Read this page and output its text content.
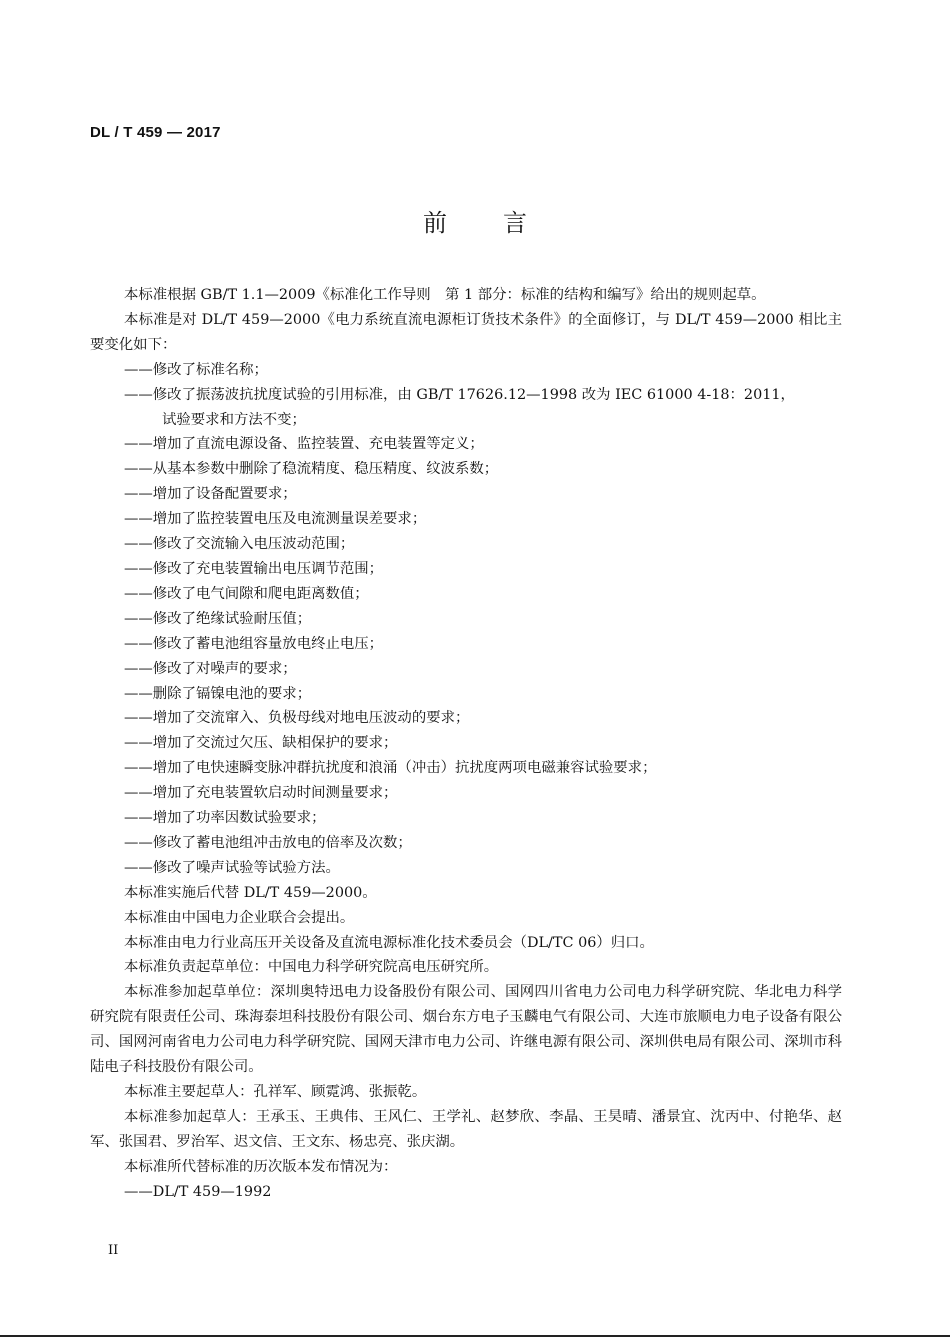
DL / T 459 — 2017
前言

本标准根据 GB/T 1.1—2009《标准化工作导则　第 1 部分：标准的结构和编写》给出的规则起草。

本标准是对 DL/T 459—2000《电力系统直流电源柜订货技术条件》的全面修订，与 DL/T 459—2000 相比主要变化如下：

——修改了标准名称；

——修改了振荡波抗扰度试验的引用标准，由 GB/T 17626.12—1998 改为 IEC 61000 4-18：2011，
试验要求和方法不变；

——增加了直流电源设备、监控装置、充电装置等定义；

——从基本参数中删除了稳流精度、稳压精度、纹波系数；

——增加了设备配置要求；

——增加了监控装置电压及电流测量误差要求；

——修改了交流输入电压波动范围；

——修改了充电装置输出电压调节范围；

——修改了电气间隙和爬电距离数值；

——修改了绝缘试验耐压值；

——修改了蓄电池组容量放电终止电压；

——修改了对噪声的要求；

——删除了镉镍电池的要求；

——增加了交流窜入、负极母线对地电压波动的要求；

——增加了交流过欠压、缺相保护的要求；

——增加了电快速瞬变脉冲群抗扰度和浪涌（冲击）抗扰度两项电磁兼容试验要求；

——增加了充电装置软启动时间测量要求；

——增加了功率因数试验要求；

——修改了蓄电池组冲击放电的倍率及次数；

——修改了噪声试验等试验方法。

本标准实施后代替 DL/T 459—2000。

本标准由中国电力企业联合会提出。

本标准由电力行业高压开关设备及直流电源标准化技术委员会（DL/TC 06）归口。

本标准负责起草单位：中国电力科学研究院高电压研究所。

本标准参加起草单位：深圳奥特迅电力设备股份有限公司、国网四川省电力公司电力科学研究院、华北电力科学研究院有限责任公司、珠海泰坦科技股份有限公司、烟台东方电子玉麟电气有限公司、大连市旅顺电力电子设备有限公司、国网河南省电力公司电力科学研究院、国网天津市电力公司、许继电源有限公司、深圳供电局有限公司、深圳市科陆电子科技股份有限公司。

本标准主要起草人：孔祥军、顾霓鸿、张振乾。

本标准参加起草人：王承玉、王典伟、王风仁、王学礼、赵梦欣、李晶、王昊晴、潘景宜、沈丙中、付艳华、赵军、张国君、罗治军、迟文信、王文东、杨忠亮、张庆湖。

本标准所代替标准的历次版本发布情况为：

——DL/T 459—1992

II
